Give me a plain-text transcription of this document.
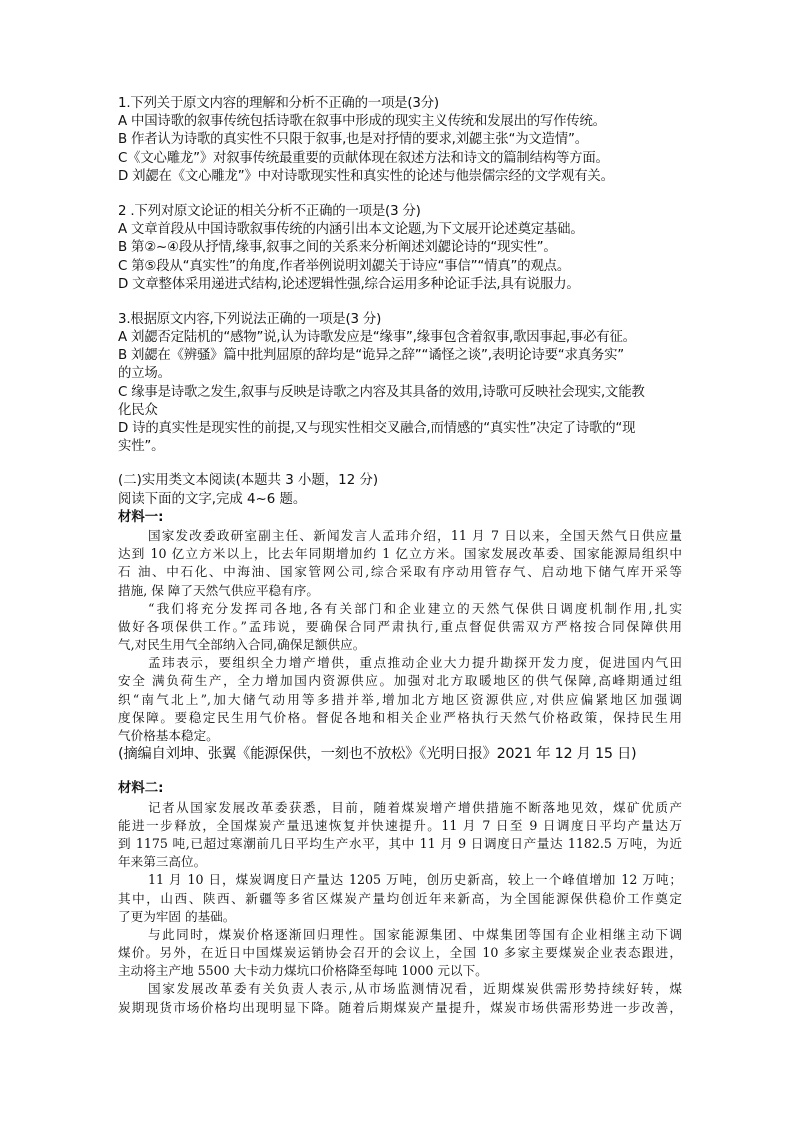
1.下列关于原文内容的理解和分析不正确的一项是(3分)
A 中国诗歌的叙事传统包括诗歌在叙事中形成的现实主义传统和发展出的写作传统。
B 作者认为诗歌的真实性不只限于叙事,也是对抒情的要求,刘勰主张“为文造情”。
C《文心雕龙”》对叙事传统最重要的贡献体现在叙述方法和诗文的篇制结构等方面。
D 刘勰在《文心雕龙”》中对诗歌现实性和真实性的论述与他崇儒宗经的文学观有关。
2 .下列对原文论证的相关分析不正确的一项是(3 分)
A 文章首段从中国诗歌叙事传统的内涵引出本文论题,为下文展开论述奠定基础。
B 第②~④段从抒情,缘事,叙事之间的关系来分析阐述刘勰论诗的“现实性”。
C 第⑤段从“真实性”的角度,作者举例说明刘勰关于诗应“事信”“情真”的观点。
D 文章整体采用递进式结构,论述逻辑性强,综合运用多种论证手法,具有说服力。
3.根据原文内容,下列说法正确的一项是(3 分)
A 刘勰否定陆机的“感物”说,认为诗歌发应是“缘事”,缘事包含着叙事,歌因事起,事必有征。
B 刘勰在《辨骚》篇中批判屈原的辞均是“诡异之辞”“谲怪之谈”,表明论诗要“求真务实”
的立场。
C 缘事是诗歌之发生,叙事与反映是诗歌之内容及其具备的效用,诗歌可反映社会现实,文能教
化民众
D 诗的真实性是现实性的前提,又与现实性相交叉融合,而情感的“真实性”决定了诗歌的“现
实性”。
(二)实用类文本阅读(本题共 3 小题，12 分)
阅读下面的文字,完成 4~6 题。
材料一:
国家发改委政研室副主任、新闻发言人孟玮介绍，11 月 7 日以来，全国天然气日供应量
达到 10 亿立方米以上，比去年同期增加约 1 亿立方米。国家发展改革委、国家能源局组织中
石 油、中石化、中海油、国家管网公司,综合采取有序动用管存气、启动地下储气库开采等
措施, 保 障了天然气供应平稳有序。
“我们将充分发挥司各地,各有关部门和企业建立的天然气保供日调度机制作用,扎实
做好各项保供工作。”孟玮说，要确保合同严肃执行,重点督促供需双方严格按合同保障供用
气,对民生用气全部纳入合同,确保足额供应。
孟玮表示，要组织全力增产增供，重点推动企业大力提升勘探开发力度，促进国内气田
安全 满负荷生产，全力增加国内资源供应。加强对北方取暖地区的供气保障,高峰期通过组
织“南气北上”,加大储气动用等多措并举,增加北方地区资源供应,对供应偏紧地区加强调
度保障。要稳定民生用气价格。督促各地和相关企业严格执行天然气价格政策，保持民生用
气价格基本稳定。
(摘编自刘坤、张翼《能源保供，一刻也不放松》《光明日报》2021 年 12 月 15 日)
材料二:
记者从国家发展改革委获悉，目前，随着煤炭增产增供措施不断落地见效，煤矿优质产
能进一步释放，全国煤炭产量迅速恢复并快速提升。11 月 7 日至 9 日调度日平均产量达万
到 1175 吨,已超过寒潮前几日平均生产水平，其中 11 月 9 日调度日产量达 1182.5 万吨，为近
年来第三高位。
11 月 10 日，煤炭调度日产量达 1205 万吨，创历史新高，较上一个峰值增加 12 万吨；
其中，山西、陕西、新疆等多省区煤炭产量均创近年来新高，为全国能源保供稳价工作奠定
了更为牢固 的基础。
与此同时，煤炭价格逐渐回归理性。国家能源集团、中煤集团等国有企业相继主动下调
煤价。另外，在近日中国煤炭运销协会召开的会议上，全国 10 多家主要煤炭企业表态跟进，
主动将主产地 5500 大卡动力煤坑口价格降至每吨 1000 元以下。
国家发展改革委有关负责人表示,从市场监测情况看，近期煤炭供需形势持续好转，煤
炭期现货市场价格均出现明显下降。随着后期煤炭产量提升，煤炭市场供需形势进一步改善，
